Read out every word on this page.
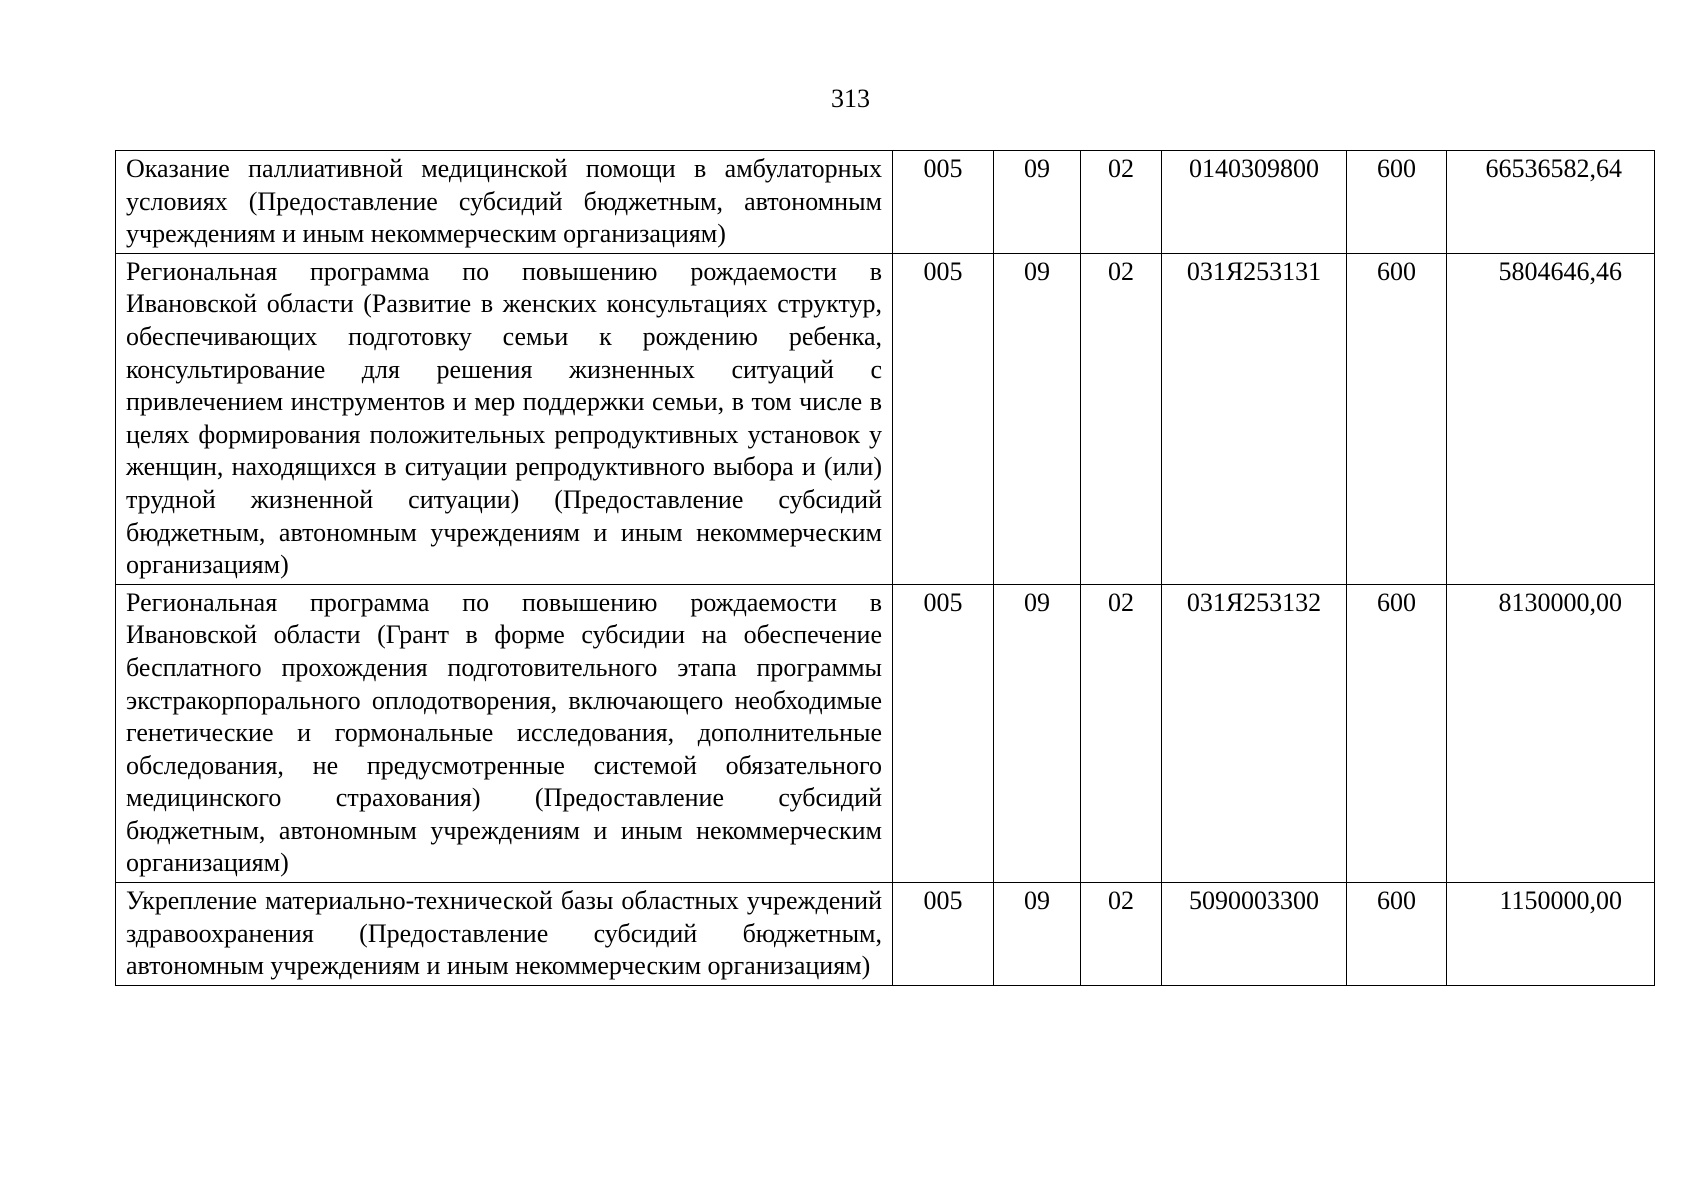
313
Оказание паллиативной медицинской помощи в амбулаторных условиях (Предоставление субсидий бюджетным, автономным учреждениям и иным некоммерческим организациям)	005	09	02	0140309800	600	66536582,64
Региональная программа по повышению рождаемости в Ивановской области (Развитие в женских консультациях структур, обеспечивающих подготовку семьи к рождению ребенка, консультирование для решения жизненных ситуаций с привлечением инструментов и мер поддержки семьи, в том числе в целях формирования положительных репродуктивных установок у женщин, находящихся в ситуации репродуктивного выбора и (или) трудной жизненной ситуации) (Предоставление субсидий бюджетным, автономным учреждениям и иным некоммерческим организациям)	005	09	02	031Я253131	600	5804646,46
Региональная программа по повышению рождаемости в Ивановской области (Грант в форме субсидии на обеспечение бесплатного прохождения подготовительного этапа программы экстракорпорального оплодотворения, включающего необходимые генетические и гормональные исследования, дополнительные обследования, не предусмотренные системой обязательного медицинского страхования) (Предоставление субсидий бюджетным, автономным учреждениям и иным некоммерческим организациям)	005	09	02	031Я253132	600	8130000,00
Укрепление материально-технической базы областных учреждений здравоохранения (Предоставление субсидий бюджетным, автономным учреждениям и иным некоммерческим организациям)	005	09	02	5090003300	600	1150000,00
